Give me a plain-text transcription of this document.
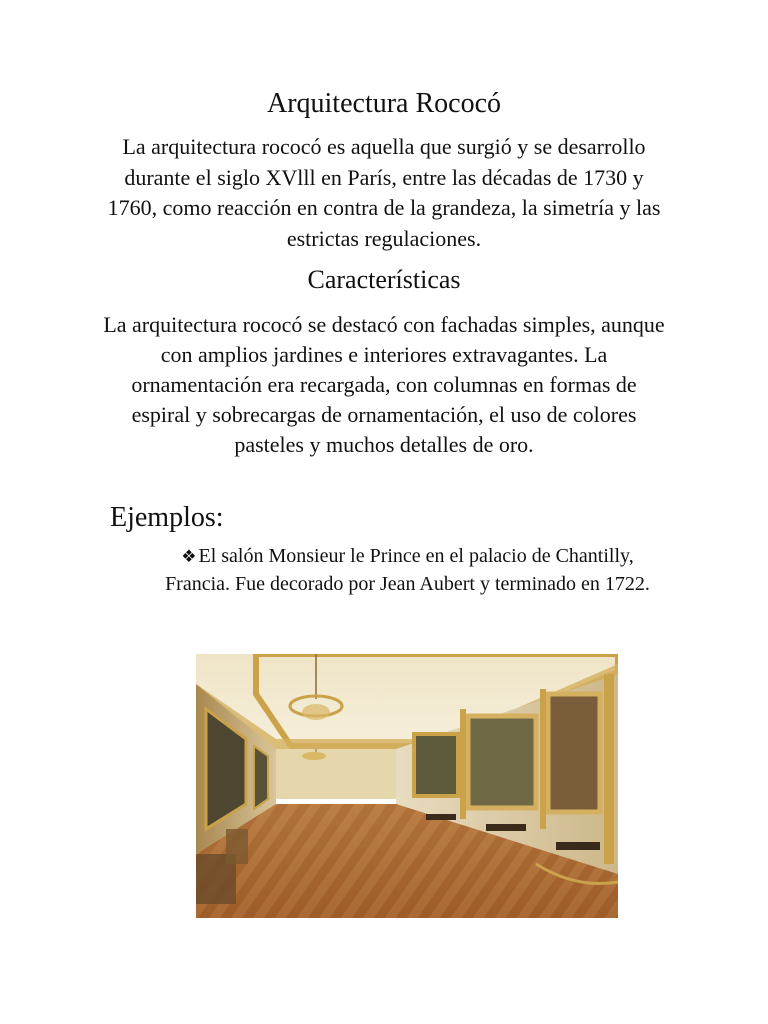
Arquitectura Rococó

La arquitectura rococó es aquella que surgió y se desarrollo durante el siglo XVlll en París, entre las décadas de 1730 y 1760, como reacción en contra de la grandeza, la simetría y las estrictas regulaciones.

Características

La arquitectura rococó se destacó con fachadas simples, aunque con amplios jardines e interiores extravagantes. La ornamentación era recargada, con columnas en formas de espiral y sobrecargas de ornamentación, el uso de colores pasteles y muchos detalles de oro.

Ejemplos:

❖ El salón Monsieur le Prince en el palacio de Chantilly, Francia. Fue decorado por Jean Aubert y terminado en 1722.
